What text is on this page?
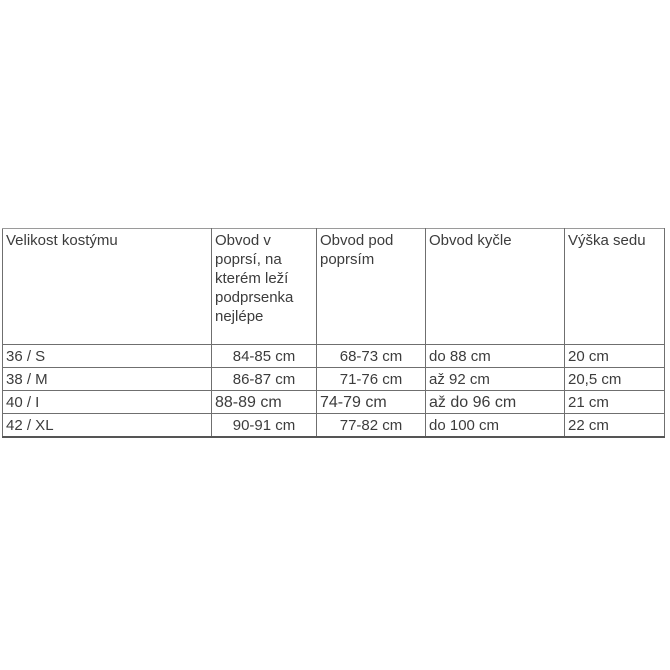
Velikost kostýmu	Obvod v poprsí, na kterém leží podprsenka nejlépe	Obvod pod poprsím	Obvod kyčle	Výška sedu
36 / S	84-85 cm	68-73 cm	do 88 cm	20 cm
38 / M	86-87 cm	71-76 cm	až 92 cm	20,5 cm
40 / I	88-89 cm	74-79 cm	až do 96 cm	21 cm
42 / XL	90-91 cm	77-82 cm	do 100 cm	22 cm
